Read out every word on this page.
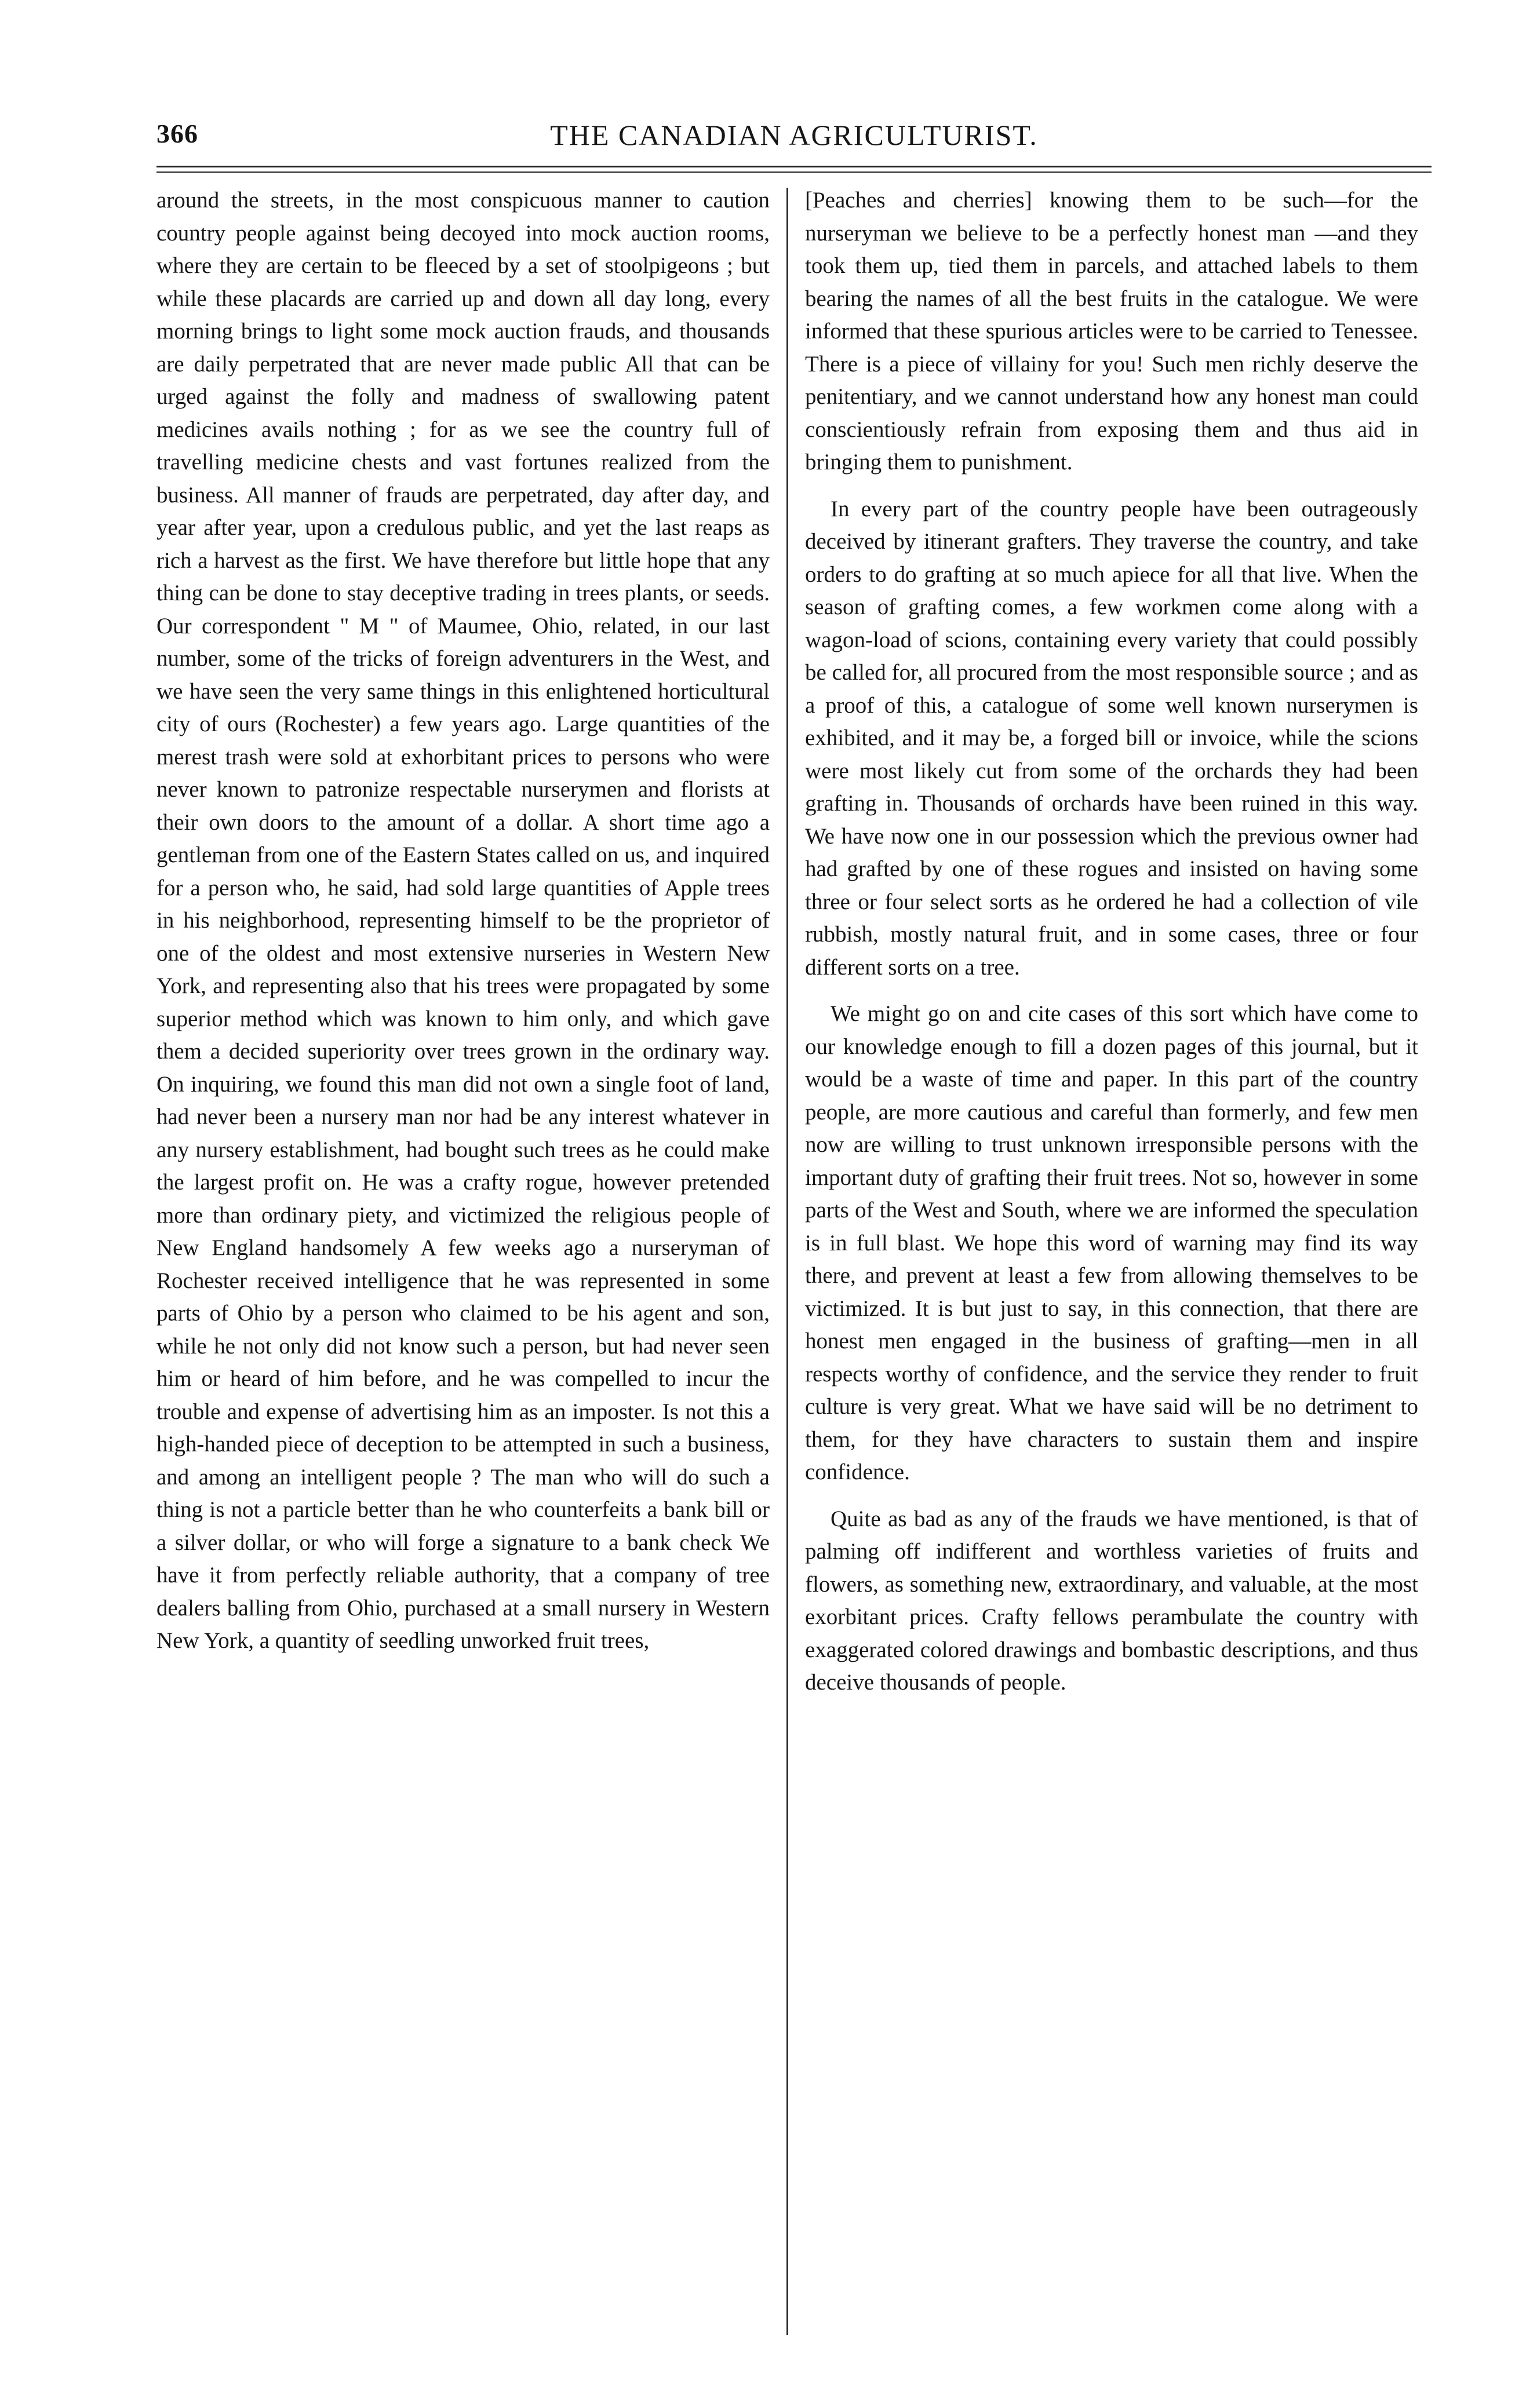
366	THE CANADIAN AGRICULTURIST.

around the streets, in the most conspicuous manner to caution country people against being decoyed into mock auction rooms, where they are certain to be fleeced by a set of stoolpigeons ; but while these placards are carried up and down all day long, every morning brings to light some mock auction frauds, and thousands are daily perpetrated that are never made public All that can be urged against the folly and madness of swallowing patent medicines avails nothing ; for as we see the country full of travelling medicine chests and vast fortunes realized from the business. All manner of frauds are perpetrated, day after day, and year after year, upon a credulous public, and yet the last reaps as rich a harvest as the first. We have therefore but little hope that any thing can be done to stay deceptive trading in trees plants, or seeds. Our correspondent " M " of Maumee, Ohio, related, in our last number, some of the tricks of foreign adventurers in the West, and we have seen the very same things in this enlightened horticultural city of ours (Rochester) a few years ago. Large quantities of the merest trash were sold at exhorbitant prices to persons who were never known to patronize respectable nurserymen and florists at their own doors to the amount of a dollar. A short time ago a gentleman from one of the Eastern States called on us, and inquired for a person who, he said, had sold large quantities of Apple trees in his neighborhood, representing himself to be the proprietor of one of the oldest and most extensive nurseries in Western New York, and representing also that his trees were propagated by some superior method which was known to him only, and which gave them a decided superiority over trees grown in the ordinary way. On inquiring, we found this man did not own a single foot of land, had never been a nursery man nor had be any interest whatever in any nursery establishment, had bought such trees as he could make the largest profit on. He was a crafty rogue, however pretended more than ordinary piety, and victimized the religious people of New England handsomely A few weeks ago a nurseryman of Rochester received intelligence that he was represented in some parts of Ohio by a person who claimed to be his agent and son, while he not only did not know such a person, but had never seen him or heard of him before, and he was compelled to incur the trouble and expense of advertising him as an imposter. Is not this a high-handed piece of deception to be attempted in such a business, and among an intelligent people ? The man who will do such a thing is not a particle better than he who counterfeits a bank bill or a silver dollar, or who will forge a signature to a bank check We have it from perfectly reliable authority, that a company of tree dealers balling from Ohio, purchased at a small nursery in Western New York, a quantity of seedling unworked fruit trees,

[Peaches and cherries] knowing them to be such—for the nurseryman we believe to be a perfectly honest man —and they took them up, tied them in parcels, and attached labels to them bearing the names of all the best fruits in the catalogue. We were informed that these spurious articles were to be carried to Tenessee. There is a piece of villainy for you! Such men richly deserve the penitentiary, and we cannot understand how any honest man could conscientiously refrain from exposing them and thus aid in bringing them to punishment.

In every part of the country people have been outrageously deceived by itinerant grafters. They traverse the country, and take orders to do grafting at so much apiece for all that live. When the season of grafting comes, a few workmen come along with a wagon-load of scions, containing every variety that could possibly be called for, all procured from the most responsible source ; and as a proof of this, a catalogue of some well known nurserymen is exhibited, and it may be, a forged bill or invoice, while the scions were most likely cut from some of the orchards they had been grafting in. Thousands of orchards have been ruined in this way. We have now one in our possession which the previous owner had had grafted by one of these rogues and insisted on having some three or four select sorts as he ordered he had a collection of vile rubbish, mostly natural fruit, and in some cases, three or four different sorts on a tree.

We might go on and cite cases of this sort which have come to our knowledge enough to fill a dozen pages of this journal, but it would be a waste of time and paper. In this part of the country people, are more cautious and careful than formerly, and few men now are willing to trust unknown irresponsible persons with the important duty of grafting their fruit trees. Not so, however in some parts of the West and South, where we are informed the speculation is in full blast. We hope this word of warning may find its way there, and prevent at least a few from allowing themselves to be victimized. It is but just to say, in this connection, that there are honest men engaged in the business of grafting—men in all respects worthy of confidence, and the service they render to fruit culture is very great. What we have said will be no detriment to them, for they have characters to sustain them and inspire confidence.

Quite as bad as any of the frauds we have mentioned, is that of palming off indifferent and worthless varieties of fruits and flowers, as something new, extraordinary, and valuable, at the most exorbitant prices. Crafty fellows perambulate the country with exaggerated colored drawings and bombastic descriptions, and thus deceive thousands of people.
